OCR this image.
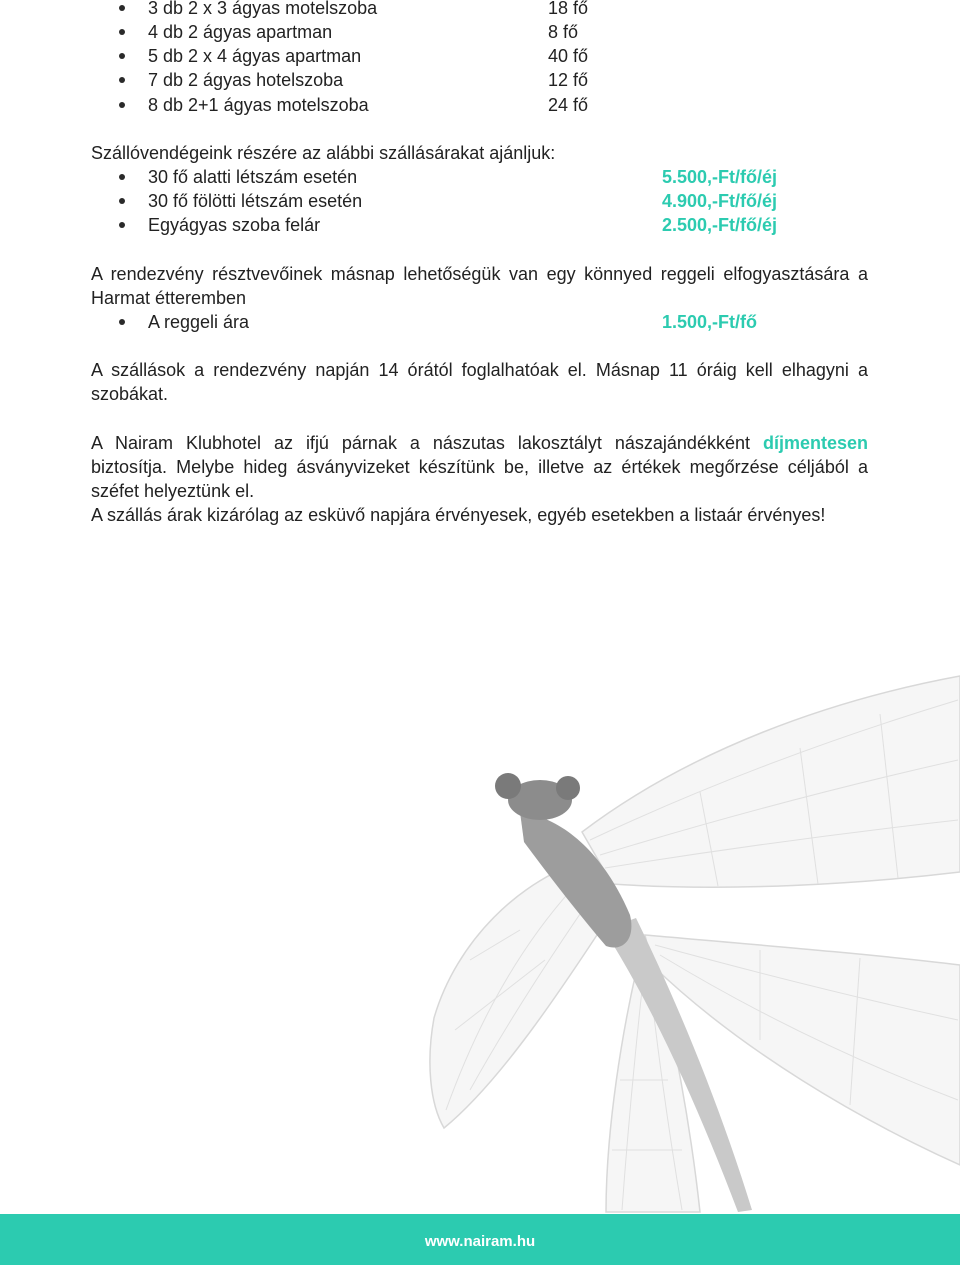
3 db 2 x 3 ágyas motelszoba	18 fő
4 db 2 ágyas apartman	8 fő
5 db 2 x 4 ágyas apartman	40 fő
7 db 2 ágyas hotelszoba	12 fő
8 db 2+1 ágyas motelszoba	24 fő

Szállóvendégeink részére az alábbi szállásárakat ajánljuk:

30 fő alatti létszám esetén	5.500,-Ft/fő/éj
30 fő fölötti létszám esetén	4.900,-Ft/fő/éj
Egyágyas szoba felár	2.500,-Ft/fő/éj

A rendezvény résztvevőinek másnap lehetőségük van egy könnyed reggeli elfogyasztására a

Harmat étteremben

A reggeli ára	1.500,-Ft/fő

A szállások a rendezvény napján 14 órától foglalhatóak el. Másnap 11 óráig kell elhagyni a

szobákat.

A Nairam Klubhotel az ifjú párnak a nászutas lakosztályt nászajándékként díjmentesen

biztosítja. Melybe hideg ásványvizeket készítünk be, illetve az értékek megőrzése céljából a

széfet helyeztünk el.

A szállás árak kizárólag az esküvő napjára érvényesek, egyéb esetekben a listaár érvényes!

www.nairam.hu
